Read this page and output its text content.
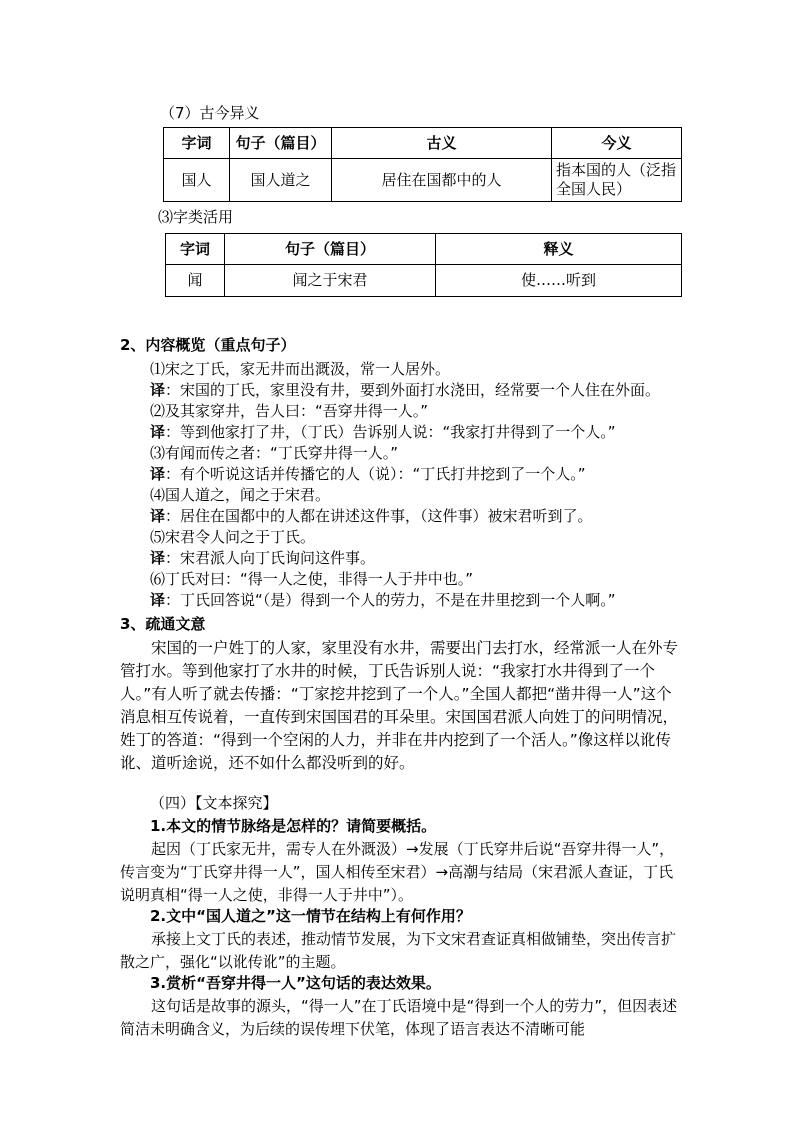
（7）古今异义
字词	句子（篇目）	古义	今义
国人	国人道之	居住在国都中的人	指本国的人（泛指全国人民）
⑶字类活用
字词	句子（篇目）	释义
闻	闻之于宋君	使……听到
2、内容概览（重点句子）
⑴宋之丁氏，家无井而出溉汲，常一人居外。
译：宋国的丁氏，家里没有井，要到外面打水浇田，经常要一个人住在外面。
⑵及其家穿井，告人曰：“吾穿井得一人。”
译：等到他家打了井，（丁氏）告诉别人说：“我家打井得到了一个人。”
⑶有闻而传之者：“丁氏穿井得一人。”
译：有个听说这话并传播它的人（说）：“丁氏打井挖到了一个人。”
⑷国人道之，闻之于宋君。
译：居住在国都中的人都在讲述这件事，（这件事）被宋君听到了。
⑸宋君令人问之于丁氏。
译：宋君派人向丁氏询问这件事。
⑹丁氏对曰：“得一人之使，非得一人于井中也。”
译：丁氏回答说“（是）得到一个人的劳力，不是在井里挖到一个人啊。”
3、疏通文意
宋国的一户姓丁的人家，家里没有水井，需要出门去打水，经常派一人在外专管打水。等到他家打了水井的时候，丁氏告诉别人说：“我家打水井得到了一个人。”有人听了就去传播：“丁家挖井挖到了一个人。”全国人都把“凿井得一人”这个消息相互传说着，一直传到宋国国君的耳朵里。宋国国君派人向姓丁的问明情况，姓丁的答道：“得到一个空闲的人力，并非在井内挖到了一个活人。”像这样以讹传讹、道听途说，还不如什么都没听到的好。
（四）【文本探究】
1.本文的情节脉络是怎样的？请简要概括。
起因（丁氏家无井，需专人在外溉汲）→发展（丁氏穿井后说“吾穿井得一人”，传言变为“丁氏穿井得一人”，国人相传至宋君）→高潮与结局（宋君派人查证，丁氏说明真相“得一人之使，非得一人于井中”）。
2.文中“国人道之”这一情节在结构上有何作用？
承接上文丁氏的表述，推动情节发展，为下文宋君查证真相做铺垫，突出传言扩散之广，强化“以讹传讹”的主题。
3.赏析“吾穿井得一人”这句话的表达效果。
这句话是故事的源头，“得一人”在丁氏语境中是“得到一个人的劳力”，但因表述简洁未明确含义，为后续的误传埋下伏笔，体现了语言表达不清晰可能
